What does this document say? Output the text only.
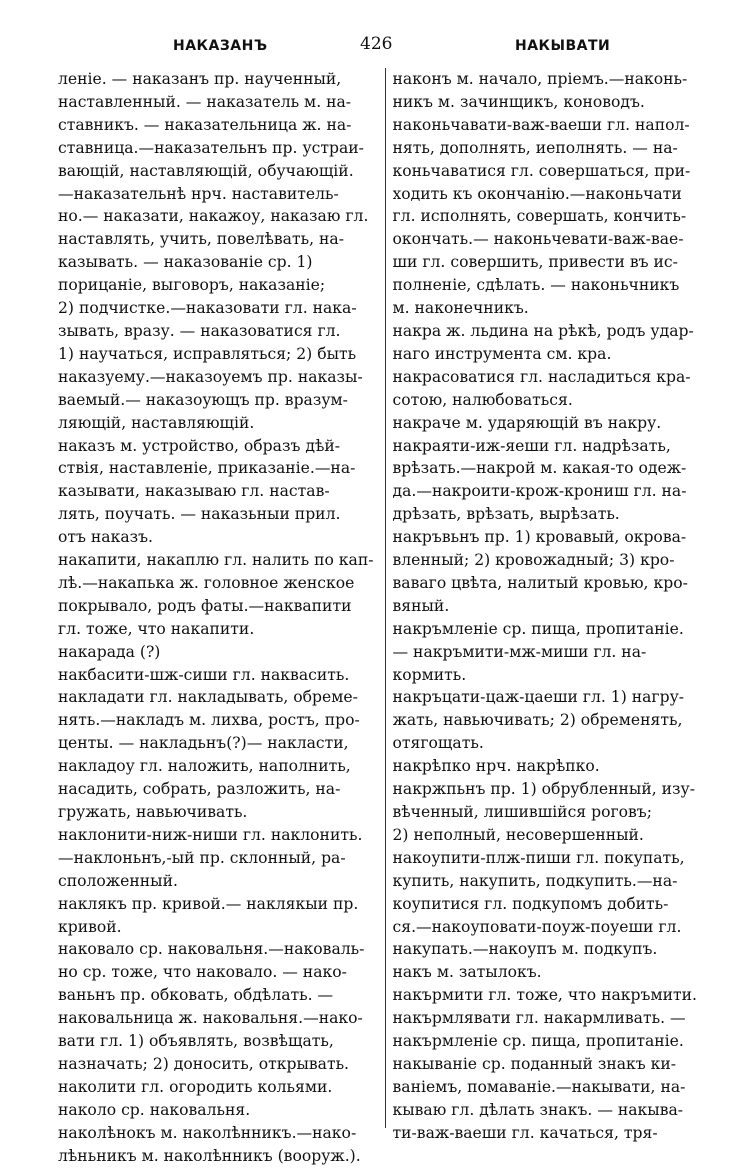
НАКАЗАНЪ	426	НАКЫВАТИ
леніе. — наказанъ пр. наученный,
наставленный. — наказатель м. на-
ставникъ. — наказательница ж. на-
ставница.—наказательнъ пр. устраи-
вающій, наставляющій, обучающій.
—наказательнѣ нрч. наставитель-
но.— наказати, накажоу, наказаю гл.
наставлять, учить, повелѣвать, на-
казывать. — наказованіе ср. 1)
порицаніе, выговоръ, наказаніе;
2) подчистке.—наказовати гл. нака-
зывать, вразу. — наказоватися гл.
1) научаться, исправляться; 2) быть
наказуему.—наказоуемъ пр. наказы-
ваемый.— наказоующъ пр. вразум-
ляющій, наставляющій.
наказъ м. устройство, образъ дѣй-
ствія, наставленіе, приказаніе.—на-
казывати, наказываю гл. настав-
лять, поучать. — наказьныи прил.
отъ наказъ.
накапити, накаплю гл. налить по кап-
лѣ.—накапька ж. головное женское
покрывало, родъ фаты.—наквапити
гл. тоже, что накапити.
накарада (?)
накбасити-шж-сиши гл. наквасить.
накладати гл. накладывать, обреме-
нять.—накладъ м. лихва, ростъ, про-
центы. — накладьнъ(?)— накласти,
накладоу гл. наложить, наполнить,
насадить, собрать, разложить, на-
гружать, навьючивать.
наклонити-ниж-ниши гл. наклонить.
—наклоньнъ,-ый пр. склонный, ра-
сположенный.
наклякъ пр. кривой.— наклякыи пр.
кривой.
наковало ср. наковальня.—наковаль-
но ср. тоже, что наковало. — нако-
ваньнъ пр. обковать, обдѣлать. —
наковальница ж. наковальня.—нако-
вати гл. 1) объявлять, возвѣщать,
назначать; 2) доносить, открывать.
наколити гл. огородить кольями.
наколо ср. наковальня.
наколѣнокъ м. наколѣнникъ.—нако-
лѣньникъ м. наколѣнникъ (вооруж.).
наконъ м. начало, пріемъ.—наконь-
никъ м. зачинщикъ, коноводъ.
наконьчавати-важ-ваеши гл. напол-
нять, дополнять, иеполнять. — на-
коньчаватися гл. совершаться, при-
ходить къ окончанію.—наконьчати
гл. исполнять, совершать, кончить-
окончать.— наконьчевати-важ-вае-
ши гл. совершить, привести въ ис-
полненіе, сдѣлать. — наконьчникъ
м. наконечникъ.
накра ж. льдина на рѣкѣ, родъ удар-
наго инструмента см. кра.
накрасоватися гл. насладиться кра-
сотою, налюбоваться.
накраче м. ударяющій въ накру.
накраяти-иж-яеши гл. надрѣзать,
врѣзать.—накрой м. какая-то одеж-
да.—накроити-крож-крониш гл. на-
дрѣзать, врѣзать, вырѣзать.
накръвьнъ пр. 1) кровавый, окрова-
вленный; 2) кровожадный; 3) кро-
ваваго цвѣта, налитый кровью, кро-
вяный.
накръмленіе ср. пища, пропитаніе.
— накръмити-мж-миши гл. на-
кормить.
накръцати-цаж-цаеши гл. 1) нагру-
жать, навьючивать; 2) обременять,
отягощать.
накрѣпко нрч. накрѣпко.
накржпьнъ пр. 1) обрубленный, изу-
вѣченный, лишившійся роговъ;
2) неполный, несовершенный.
накоупити-плж-пиши гл. покупать,
купить, накупить, подкупить.—на-
коупитися гл. подкупомъ добить-
ся.—накоуповати-поуж-поуеши гл.
накупать.—накоупъ м. подкупъ.
накъ м. затылокъ.
накърмити гл. тоже, что накръмити.
накърмлявати гл. накармливать. —
накърмленіе ср. пища, пропитаніе.
накываніе ср. поданный знакъ ки-
ваніемъ, помаваніе.—накывати, на-
кываю гл. дѣлать знакъ. — накыва-
ти-важ-ваеши гл. качаться, тря-
